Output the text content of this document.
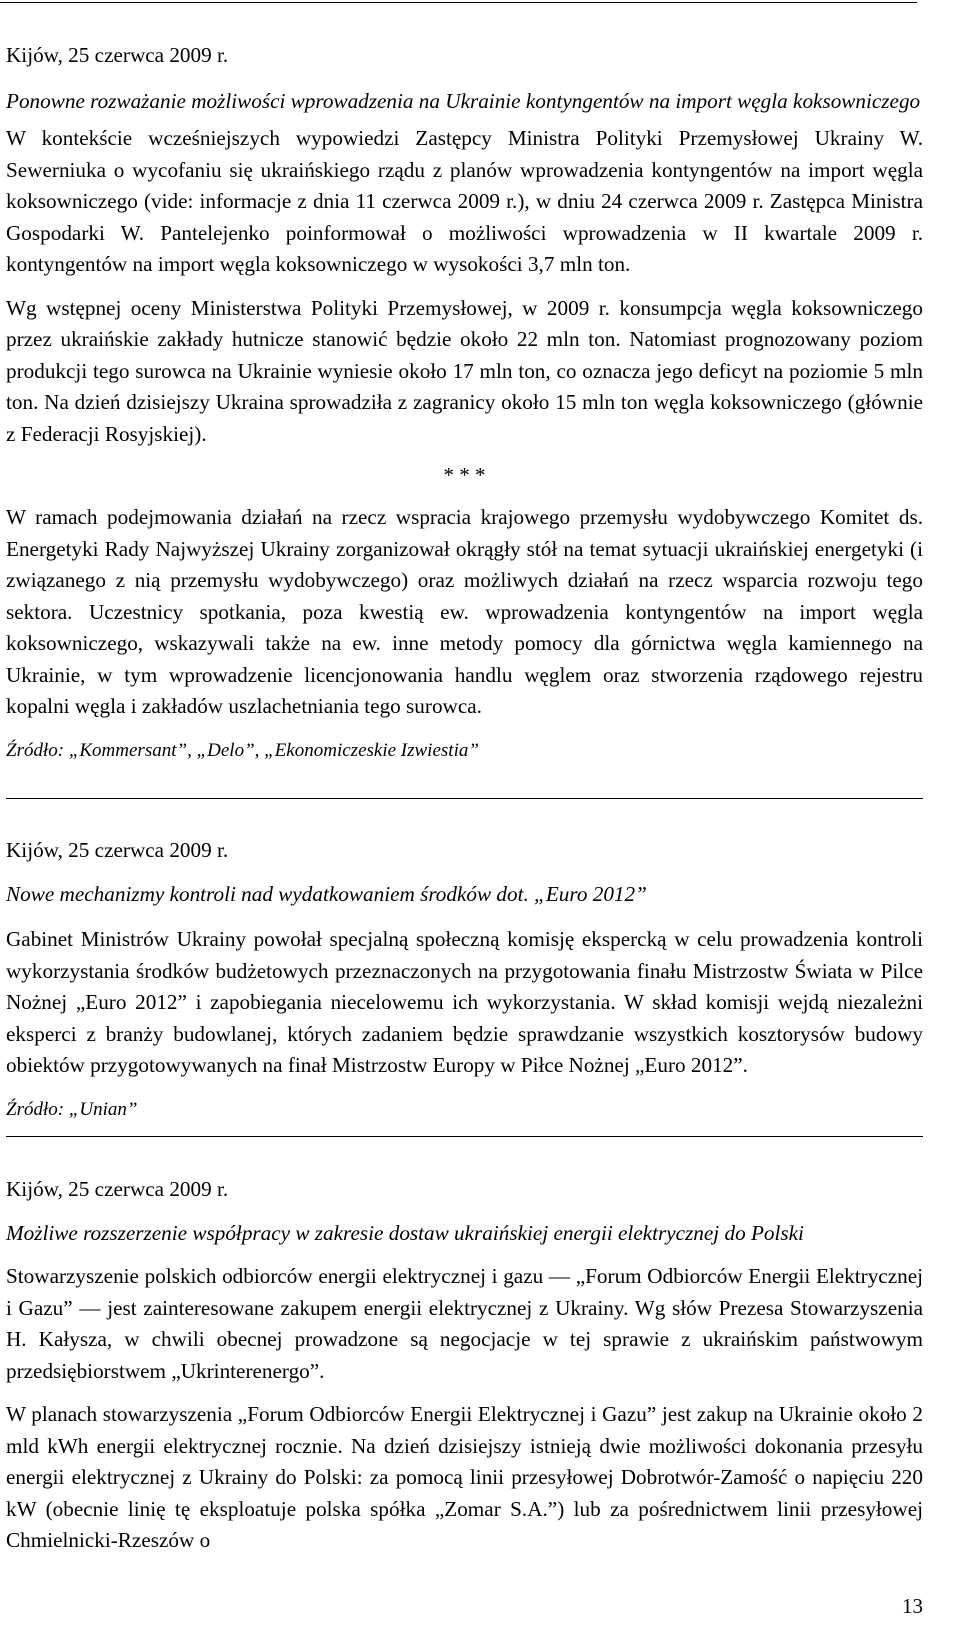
Kijów, 25 czerwca 2009 r.

Ponowne rozważanie możliwości wprowadzenia na Ukrainie kontyngentów na import węgla koksowniczego

W kontekście wcześniejszych wypowiedzi Zastępcy Ministra Polityki Przemysłowej Ukrainy W. Sewerniuka o wycofaniu się ukraińskiego rządu z planów wprowadzenia kontyngentów na import węgla koksowniczego (vide: informacje z dnia 11 czerwca 2009 r.), w dniu 24 czerwca 2009 r. Zastępca Ministra Gospodarki W. Pantelejenko poinformował o możliwości wprowadzenia w II kwartale 2009 r. kontyngentów na import węgla koksowniczego w wysokości 3,7 mln ton.

Wg wstępnej oceny Ministerstwa Polityki Przemysłowej, w 2009 r. konsumpcja węgla koksowniczego przez ukraińskie zakłady hutnicze stanowić będzie około 22 mln ton. Natomiast prognozowany poziom produkcji tego surowca na Ukrainie wyniesie około 17 mln ton, co oznacza jego deficyt na poziomie 5 mln ton. Na dzień dzisiejszy Ukraina sprowadziła z zagranicy około 15 mln ton węgla koksowniczego (głównie z Federacji Rosyjskiej).

* * *

W ramach podejmowania działań na rzecz wspracia krajowego przemysłu wydobywczego Komitet ds. Energetyki Rady Najwyższej Ukrainy zorganizował okrągły stół na temat sytuacji ukraińskiej energetyki (i związanego z nią przemysłu wydobywczego) oraz możliwych działań na rzecz wsparcia rozwoju tego sektora. Uczestnicy spotkania, poza kwestią ew. wprowadzenia kontyngentów na import węgla koksowniczego, wskazywali także na ew. inne metody pomocy dla górnictwa węgla kamiennego na Ukrainie, w tym wprowadzenie licencjonowania handlu węglem oraz stworzenia rządowego rejestru kopalni węgla i zakładów uszlachetniania tego surowca.

Źródło: „Kommersant”, „Delo”, „Ekonomiczeskie Izwiestia”
Kijów, 25 czerwca 2009 r.

Nowe mechanizmy kontroli nad wydatkowaniem środków dot. „Euro 2012”

Gabinet Ministrów Ukrainy powołał specjalną społeczną komisję ekspercką w celu prowadzenia kontroli wykorzystania środków budżetowych przeznaczonych na przygotowania finału Mistrzostw Świata w Pilce Nożnej „Euro 2012” i zapobiegania niecelowemu ich wykorzystania. W skład komisji wejdą niezależni eksperci z branży budowlanej, których zadaniem będzie sprawdzanie wszystkich kosztorysów budowy obiektów przygotowywanych na finał Mistrzostw Europy w Piłce Nożnej „Euro 2012”.

Źródło: „Unian”
Kijów, 25 czerwca 2009 r.

Możliwe rozszerzenie współpracy w zakresie dostaw ukraińskiej energii elektrycznej do Polski

Stowarzyszenie polskich odbiorców energii elektrycznej i gazu — „Forum Odbiorców Energii Elektrycznej i Gazu” — jest zainteresowane zakupem energii elektrycznej z Ukrainy. Wg słów Prezesa Stowarzyszenia H. Kałysza, w chwili obecnej prowadzone są negocjacje w tej sprawie z ukraińskim państwowym przedsiębiorstwem „Ukrinterenergo”.

W planach stowarzyszenia „Forum Odbiorców Energii Elektrycznej i Gazu” jest zakup na Ukrainie około 2 mld kWh energii elektrycznej rocznie. Na dzień dzisiejszy istnieją dwie możliwości dokonania przesyłu energii elektrycznej z Ukrainy do Polski: za pomocą linii przesyłowej Dobrotwór-Zamość o napięciu 220 kW (obecnie linię tę eksploatuje polska spółka „Zomar S.A.”) lub za pośrednictwem linii przesyłowej Chmielnicki-Rzeszów o

13
